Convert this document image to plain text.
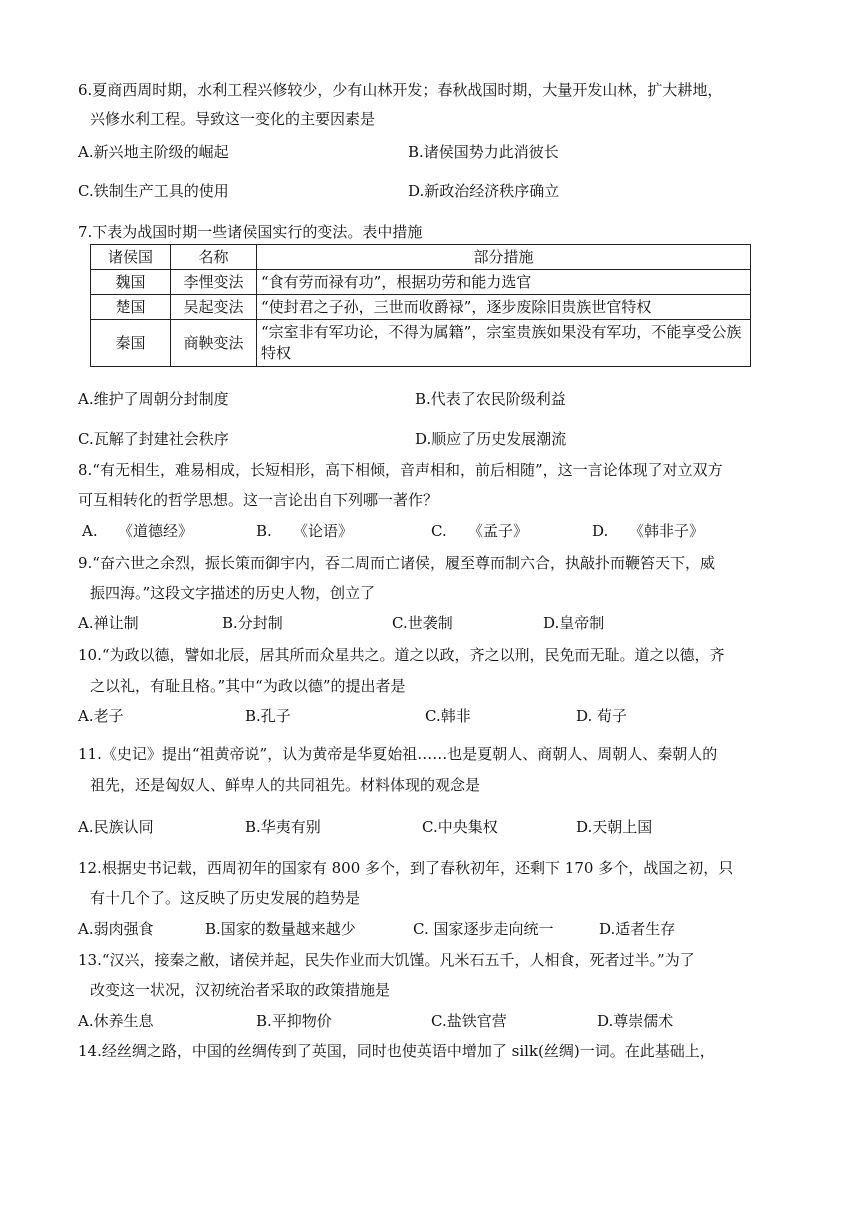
6.夏商西周时期，水利工程兴修较少，少有山林开发；春秋战国时期，大量开发山林，扩大耕地，
兴修水利工程。导致这一变化的主要因素是
A.新兴地主阶级的崛起	B.诸侯国势力此消彼长
C.铁制生产工具的使用	D.新政治经济秩序确立
7.下表为战国时期一些诸侯国实行的变法。表中措施
诸侯国	名称	部分措施
魏国	李悝变法	“食有劳而禄有功”，根据功劳和能力选官
楚国	吴起变法	“使封君之子孙，三世而收爵禄”，逐步废除旧贵族世官特权
秦国	商鞅变法	“宗室非有军功论，不得为属籍”，宗室贵族如果没有军功，不能享受公族特权
A.维护了周朝分封制度	B.代表了农民阶级利益
C.瓦解了封建社会秩序	D.顺应了历史发展潮流
8.“有无相生，难易相成，长短相形，高下相倾，音声相和，前后相随”，这一言论体现了对立双方
可互相转化的哲学思想。这一言论出自下列哪一著作？
A. 《道德经》	B. 《论语》	C. 《孟子》	D. 《韩非子》
9.“奋六世之余烈，振长策而御宇内，吞二周而亡诸侯，履至尊而制六合，执敲扑而鞭笞天下，威
振四海。”这段文字描述的历史人物，创立了
A.禅让制	B.分封制	C.世袭制	D.皇帝制
10.“为政以德，譬如北辰，居其所而众星共之。道之以政，齐之以刑，民免而无耻。道之以德，齐
之以礼，有耻且格。”其中“为政以德”的提出者是
A.老子	B.孔子	C.韩非	D. 荀子
11.《史记》提出“祖黄帝说”，认为黄帝是华夏始祖……也是夏朝人、商朝人、周朝人、秦朝人的
祖先，还是匈奴人、鲜卑人的共同祖先。材料体现的观念是
A.民族认同	B.华夷有别	C.中央集权	D.天朝上国
12.根据史书记载，西周初年的国家有 800 多个，到了春秋初年，还剩下 170 多个，战国之初，只
有十几个了。这反映了历史发展的趋势是
A.弱肉强食	B.国家的数量越来越少	C. 国家逐步走向统一	D.适者生存
13.“汉兴，接秦之敝，诸侯并起，民失作业而大饥馑。凡米石五千，人相食，死者过半。”为了
改变这一状况，汉初统治者采取的政策措施是
A.休养生息	B.平抑物价	C.盐铁官营	D.尊崇儒术
14.经丝绸之路，中国的丝绸传到了英国，同时也使英语中增加了 silk(丝绸)一词。在此基础上，
